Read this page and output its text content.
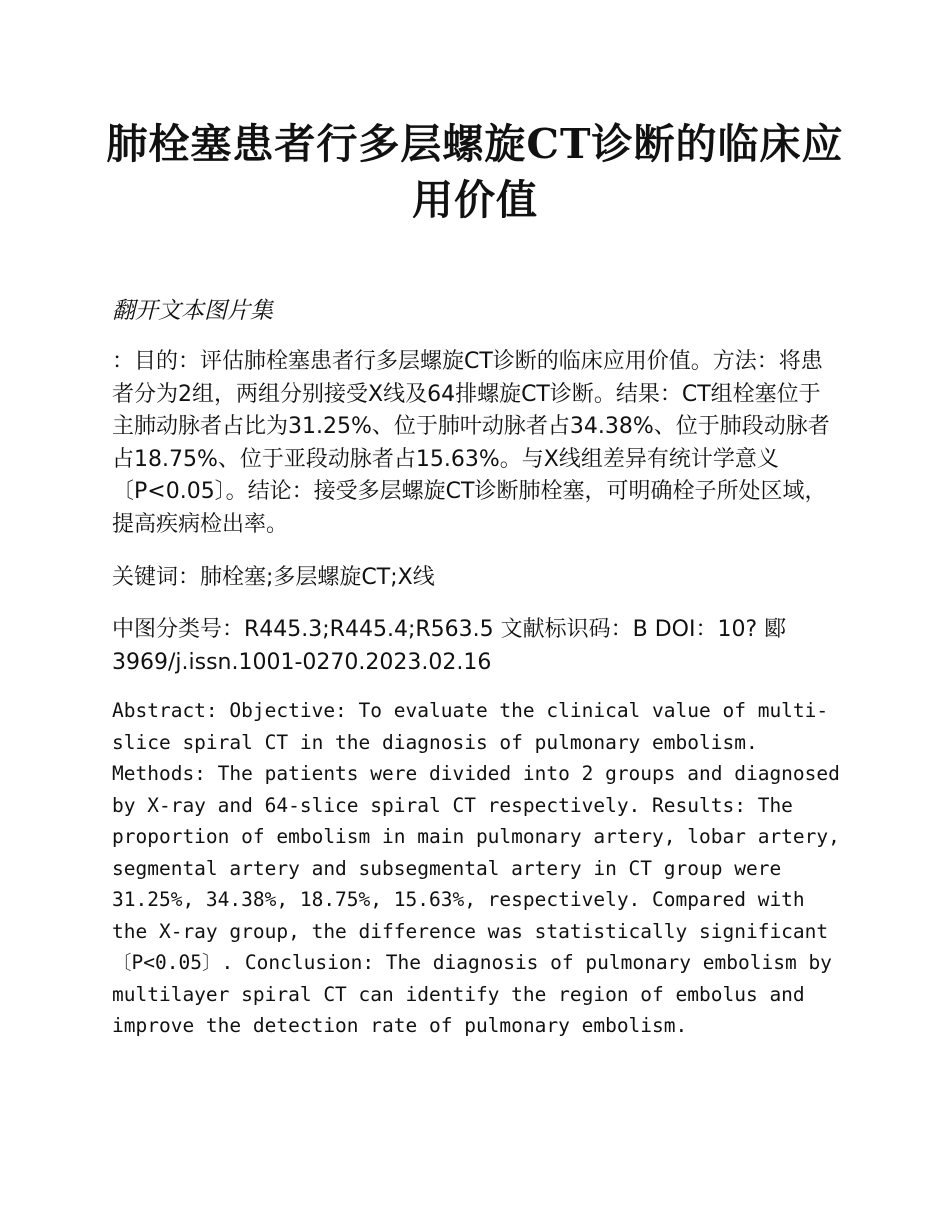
肺栓塞患者行多层螺旋CT诊断的临床应用价值
翻开文本图片集

：目的：评估肺栓塞患者行多层螺旋CT诊断的临床应用价值。方法：将患者分为2组，两组分别接受X线及64排螺旋CT诊断。结果：CT组栓塞位于主肺动脉者占比为31.25%、位于肺叶动脉者占34.38%、位于肺段动脉者占18.75%、位于亚段动脉者占15.63%。与X线组差异有统计学意义〔P<0.05〕。结论：接受多层螺旋CT诊断肺栓塞，可明确栓子所处区域，提高疾病检出率。

关键词：肺栓塞;多层螺旋CT;X线

中图分类号：R445.3;R445.4;R563.5 文献标识码：B DOI：10? 郾3969/j.issn.1001-0270.2023.02.16

Abstract: Objective: To evaluate the clinical value of multi-slice spiral CT in the diagnosis of pulmonary embolism. Methods: The patients were divided into 2 groups and diagnosed by X-ray and 64-slice spiral CT respectively. Results: The proportion of embolism in main pulmonary artery, lobar artery, segmental artery and subsegmental artery in CT group were 31.25%, 34.38%, 18.75%, 15.63%, respectively. Compared with the X-ray group, the difference was statistically significant 〔P<0.05〕. Conclusion: The diagnosis of pulmonary embolism by multilayer spiral CT can identify the region of embolus and improve the detection rate of pulmonary embolism.
